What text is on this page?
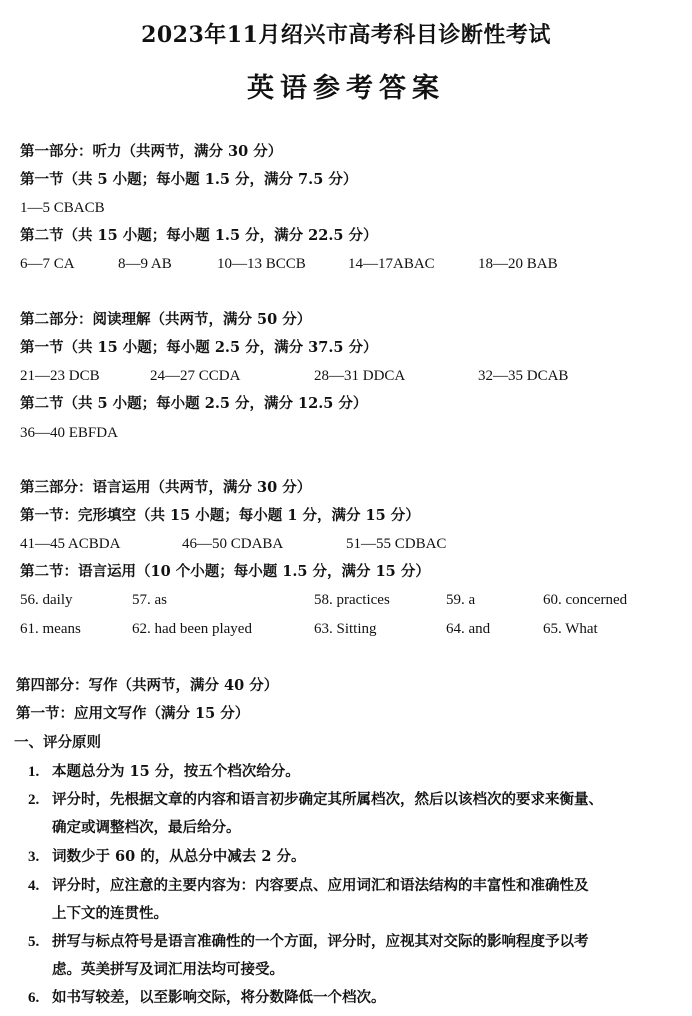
2023年11月绍兴市高考科目诊断性考试
英语参考答案
第一部分：听力（共两节，满分 30 分）
第一节（共 5 小题；每小题 1.5 分，满分 7.5 分）
1—5 CBACB
第二节（共 15 小题；每小题 1.5 分，满分 22.5 分）
6—7 CA	8—9 AB	10—13 BCCB	14—17ABAC	18—20 BAB
第二部分：阅读理解（共两节，满分 50 分）
第一节（共 15 小题；每小题 2.5 分，满分 37.5 分）
21—23 DCB	24—27 CCDA	28—31 DDCA	32—35 DCAB
第二节（共 5 小题；每小题 2.5 分，满分 12.5 分）
36—40 EBFDA
第三部分：语言运用（共两节，满分 30 分）
第一节：完形填空（共 15 小题；每小题 1 分，满分 15 分）
41—45 ACBDA	46—50 CDABA	51—55 CDBAC
第二节：语言运用（10 个小题；每小题 1.5 分，满分 15 分）
56. daily	57. as	58. practices	59. a	60. concerned
61. means	62. had been played	63. Sitting	64. and	65. What
第四部分：写作（共两节，满分 40 分）
第一节：应用文写作（满分 15 分）
一、评分原则
1. 本题总分为 15 分，按五个档次给分。
2. 评分时，先根据文章的内容和语言初步确定其所属档次，然后以该档次的要求来衡量、
确定或调整档次，最后给分。
3. 词数少于 60 的，从总分中减去 2 分。
4. 评分时，应注意的主要内容为：内容要点、应用词汇和语法结构的丰富性和准确性及
上下文的连贯性。
5. 拼写与标点符号是语言准确性的一个方面，评分时，应视其对交际的影响程度予以考
虑。英美拼写及词汇用法均可接受。
6. 如书写较差，以至影响交际，将分数降低一个档次。
